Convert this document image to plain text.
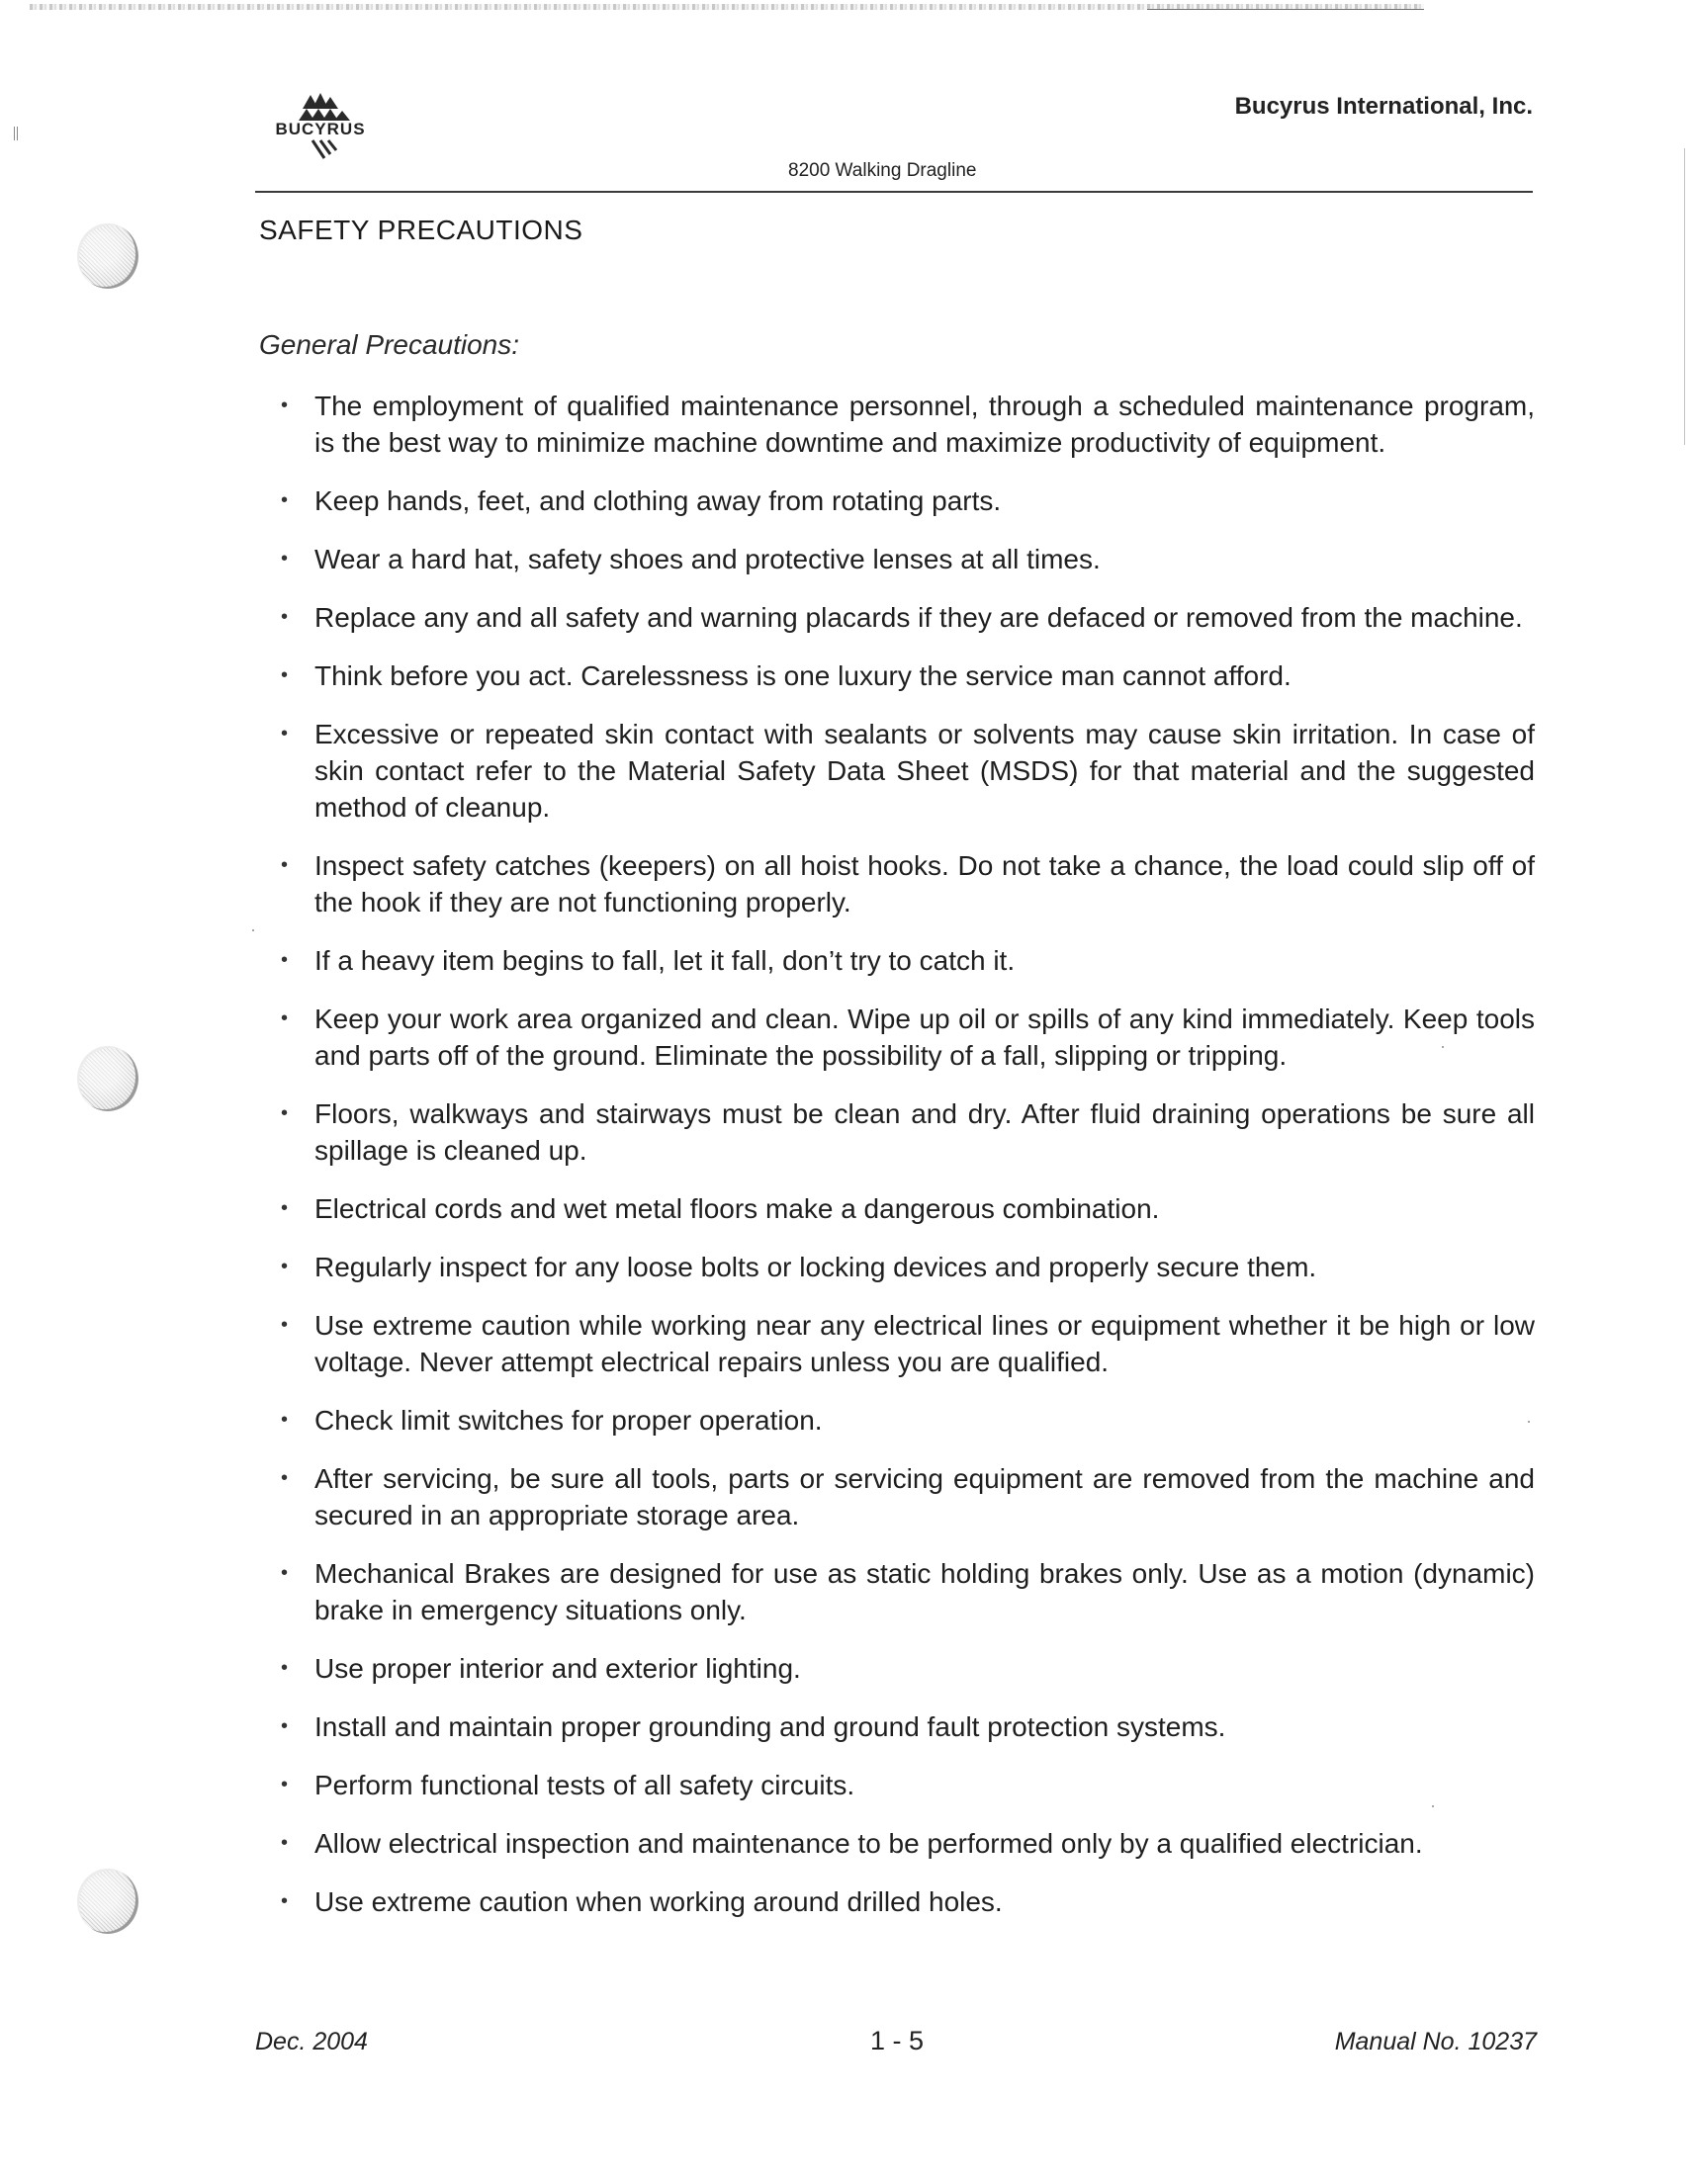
BUCYRUS
Bucyrus International, Inc.
8200 Walking Dragline
SAFETY PRECAUTIONS
General Precautions:
• The employment of qualified maintenance personnel, through a scheduled maintenance program, is the best way to minimize machine downtime and maximize productivity of equipment.
• Keep hands, feet, and clothing away from rotating parts.
• Wear a hard hat, safety shoes and protective lenses at all times.
• Replace any and all safety and warning placards if they are defaced or removed from the machine.
• Think before you act. Carelessness is one luxury the service man cannot afford.
• Excessive or repeated skin contact with sealants or solvents may cause skin irritation. In case of skin contact refer to the Material Safety Data Sheet (MSDS) for that material and the suggested method of cleanup.
• Inspect safety catches (keepers) on all hoist hooks. Do not take a chance, the load could slip off of the hook if they are not functioning properly.
• If a heavy item begins to fall, let it fall, don’t try to catch it.
• Keep your work area organized and clean. Wipe up oil or spills of any kind immediately. Keep tools and parts off of the ground. Eliminate the possibility of a fall, slipping or tripping.
• Floors, walkways and stairways must be clean and dry. After fluid draining operations be sure all spillage is cleaned up.
• Electrical cords and wet metal floors make a dangerous combination.
• Regularly inspect for any loose bolts or locking devices and properly secure them.
• Use extreme caution while working near any electrical lines or equipment whether it be high or low voltage. Never attempt electrical repairs unless you are qualified.
• Check limit switches for proper operation.
• After servicing, be sure all tools, parts or servicing equipment are removed from the machine and secured in an appropriate storage area.
• Mechanical Brakes are designed for use as static holding brakes only. Use as a motion (dynamic) brake in emergency situations only.
• Use proper interior and exterior lighting.
• Install and maintain proper grounding and ground fault protection systems.
• Perform functional tests of all safety circuits.
• Allow electrical inspection and maintenance to be performed only by a qualified electrician.
• Use extreme caution when working around drilled holes.
Dec. 2004	1 - 5	Manual No. 10237
